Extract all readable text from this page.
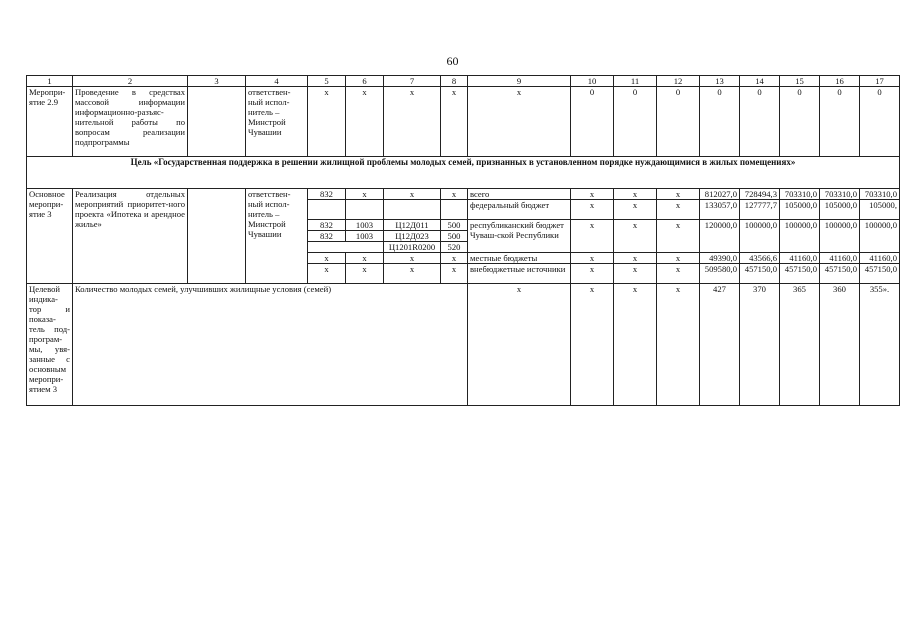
60
1	2	3	4	5	6	7	8	9	10	11	12	13	14	15	16	17
Меропри-ятие 2.9	Проведение в средствах массовой информации информационно-разъяс-нительной работы по вопросам реализации подпрограммы		ответствен-ный испол-нитель – Минстрой Чувашии	x	x	x	x	x	0	0	0	0	0	0	0	0
Цель «Государственная поддержка в решении жилищной проблемы молодых семей, признанных в установленном порядке нуждающимися в жилых помещениях»																
Основное меропри-ятие 3	Реализация отдельных мероприятий приоритет-ного проекта «Ипотека и арендное жилье»		ответствен-ный испол-нитель – Минстрой Чувашии	832	x	x	x	всего	x	x	x	812027,0	728494,3	703310,0	703310,0	703310,0
								федеральный бюджет	x	x	x	133057,0	127777,7	105000,0	105000,0	105000,
				832	1003	Ц12Д011	500	республиканский бюджет Чуваш-ской Республики	x	x	x	120000,0	100000,0	100000,0	100000,0	100000,0
				832	1003	Ц12Д023	500									
						Ц1201R0200	520									
				x	x	x	x	местные бюджеты	x	x	x	49390,0	43566,6	41160,0	41160,0	41160,0
				x	x	x	x	внебюджетные источники	x	x	x	509580,0	457150,0	457150,0	457150,0	457150,0
Целевой индика-тор и показа-тель под-програм-мы, увя-занные с основным меропри-ятием 3	Количество молодых семей, улучшивших жилищные условия (семей)							x	x	x	x	427	370	365	360	355».
